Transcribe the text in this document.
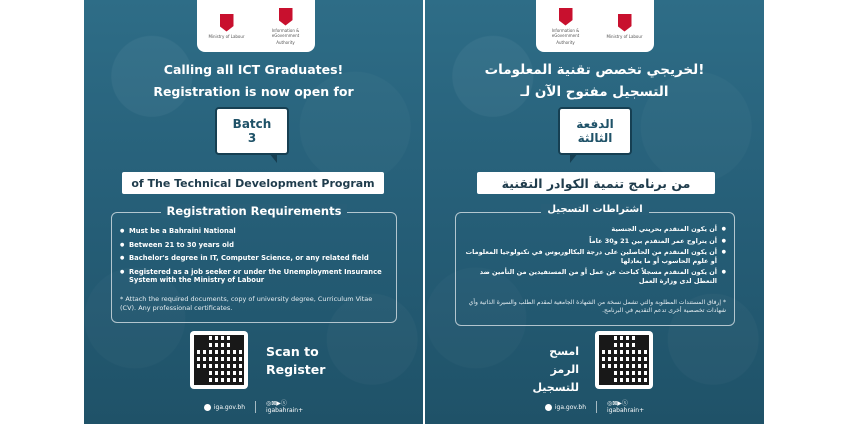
Ministry of Labour
Information & eGovernment
Authority
Calling all ICT Graduates!
Registration is now open for
Batch
3
of The Technical Development Program
Registration Requirements
● Must be a Bahraini National
● Between 21 to 30 years old
● Bachelor's degree in IT, Computer Science, or any related field
● Registered as a job seeker or under the Unemployment Insurance System with the Ministry of Labour
* Attach the required documents, copy of university degree, Curriculum Vitae (CV). Any professional certificates.
Scan to
Register
iga.gov.bh	◎⊠▶ⓧ
igabahrain+
Information & eGovernment
Authority
Ministry of Labour
لخريجي تخصص تقنية المعلومات!
التسجيل مفتوح الآن لـ
الدفعة
الثالثة
من برنامج تنمية الكوادر التقنية
اشتراطات التسجيل
● أن يكون المتقدم بحريني الجنسية
● أن يتراوح عمر المتقدم بين 21 و30 عاماً
● أن يكون المتقدم من الحاصلين على درجة البكالوريوس في تكنولوجيا المعلومات أو علوم الحاسوب أو ما يعادلها
● أن يكون المتقدم مسجلاً كباحث عن عمل أو من المستفيدين من التأمين ضد التعطل لدى وزارة العمل
* إرفاق المستندات المطلوبة والتي تشمل نسخة من الشهادة الجامعية لمقدم الطلب والسيرة الذاتية وأي شهادات تخصصية أخرى تدعم التقديم في البرنامج.
امسح الرمز
للتسجيل
iga.gov.bh	◎⊠▶ⓧ
igabahrain+
